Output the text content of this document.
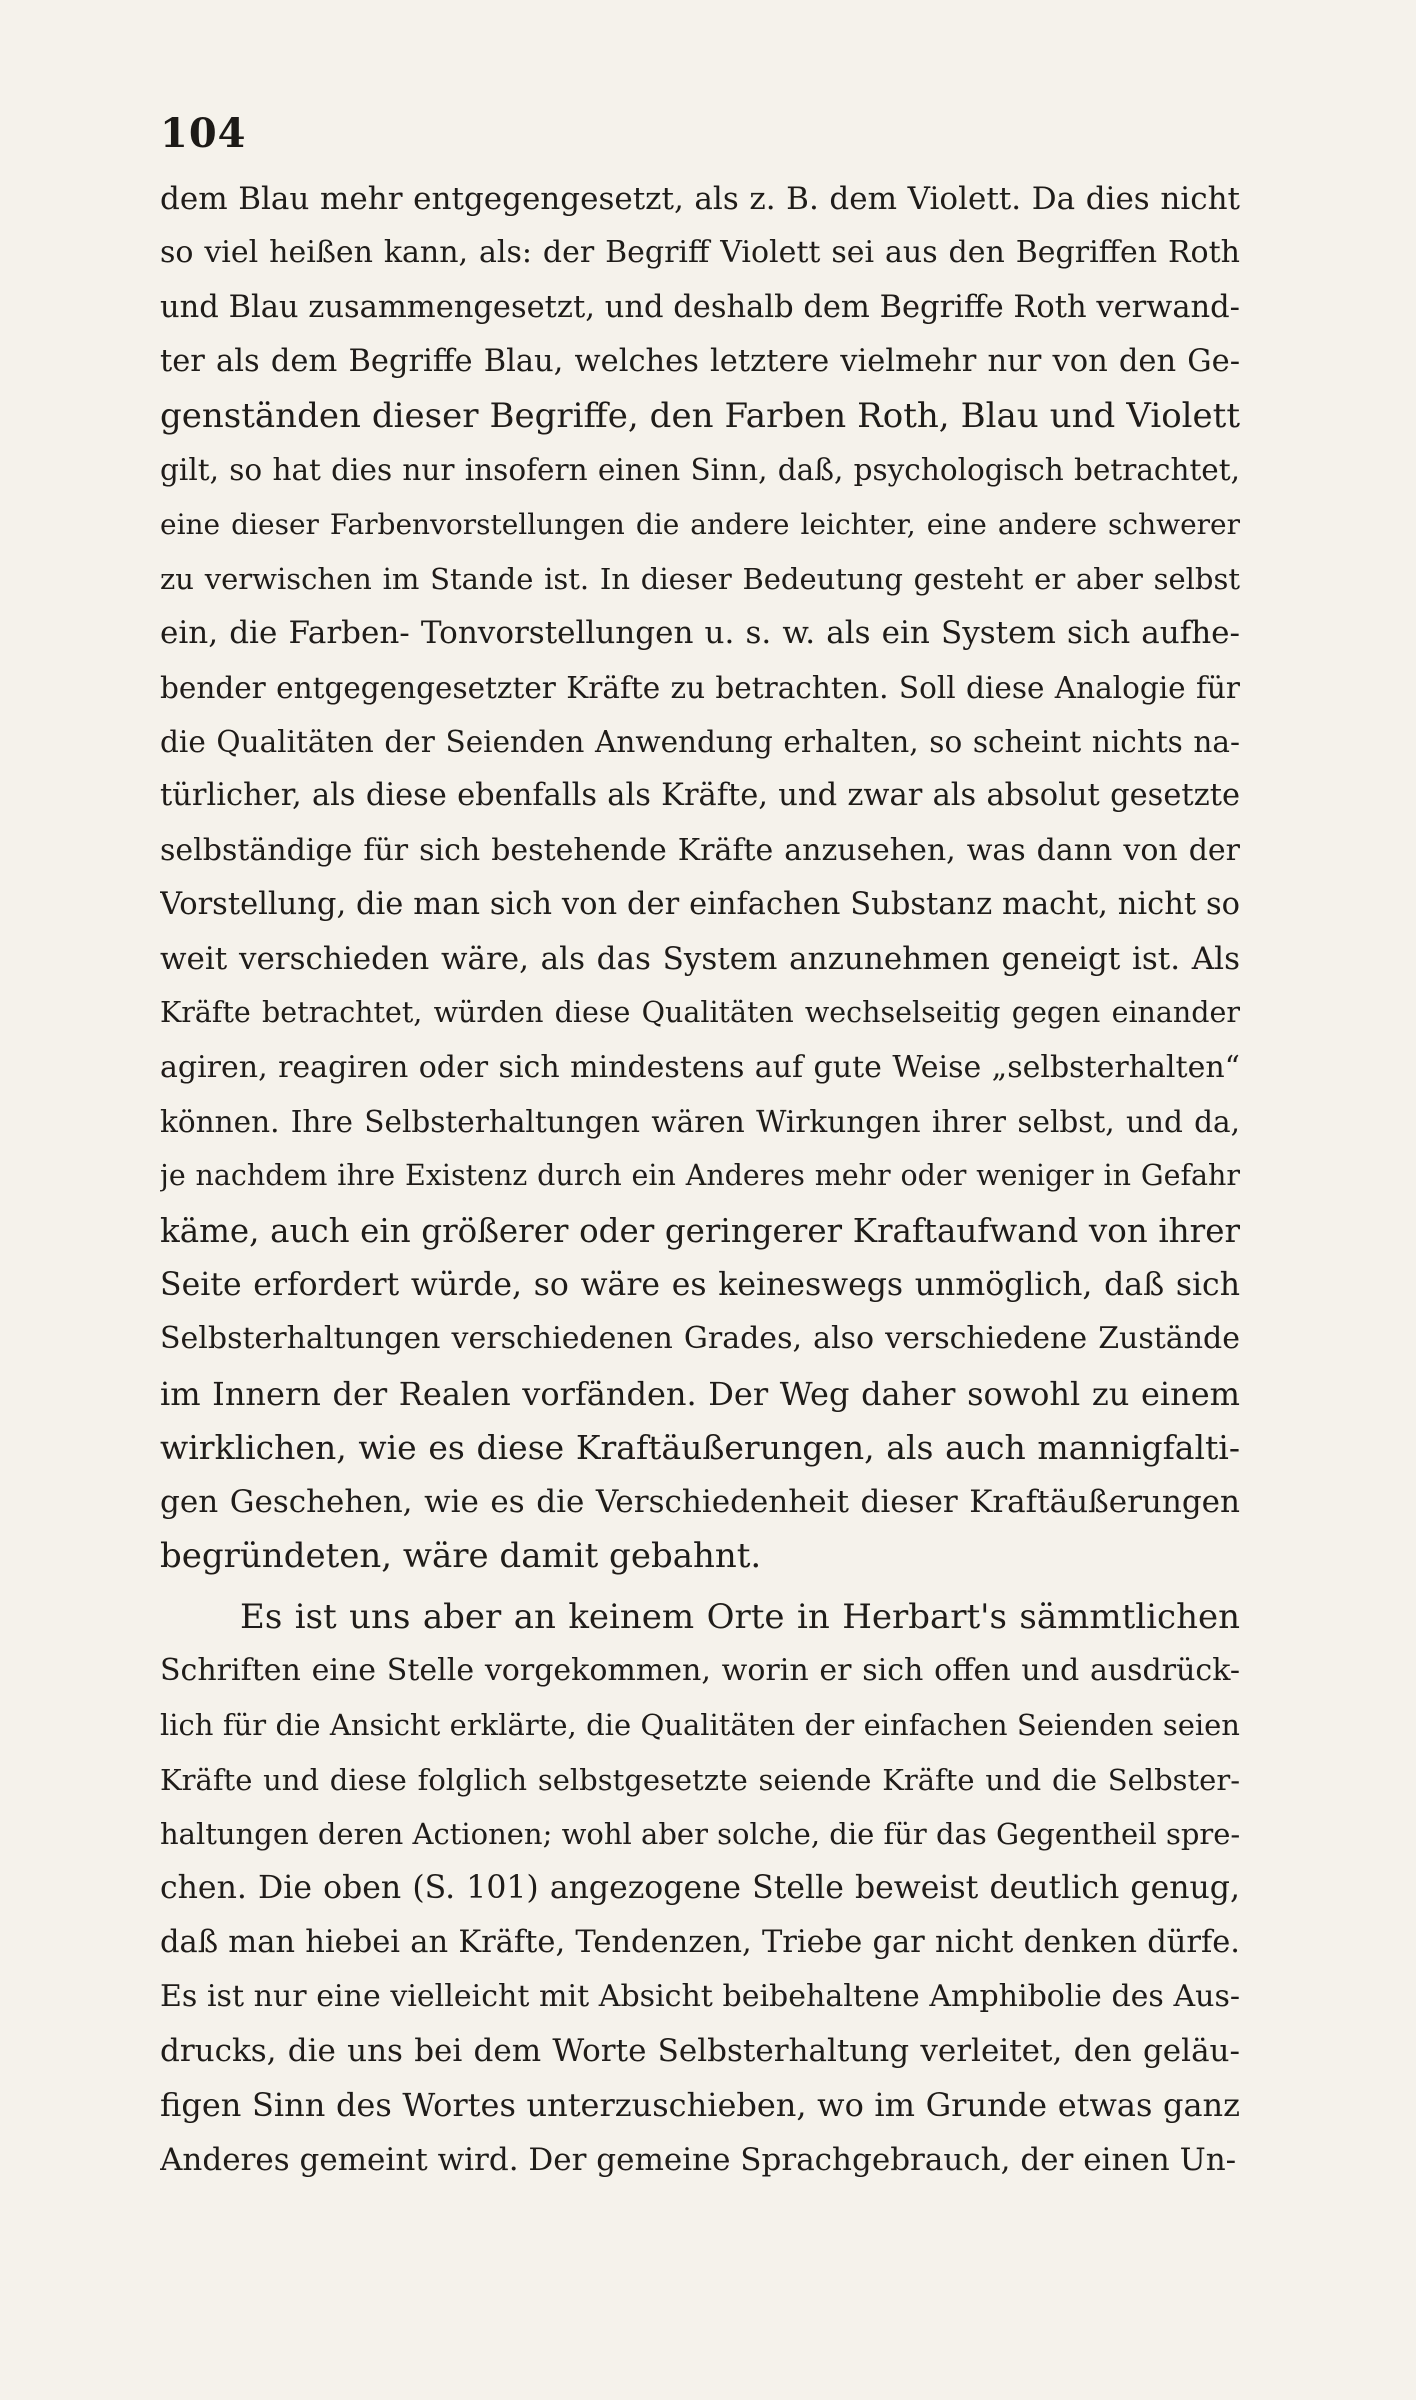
104
dem Blau mehr entgegengesetzt, als z. B. dem Violett. Da dies nicht
so viel heißen kann, als: der Begriff Violett sei aus den Begriffen Roth
und Blau zusammengesetzt, und deshalb dem Begriffe Roth verwand-
ter als dem Begriffe Blau, welches letztere vielmehr nur von den Ge-
genständen dieser Begriffe, den Farben Roth, Blau und Violett
gilt, so hat dies nur insofern einen Sinn, daß, psychologisch betrachtet,
eine dieser Farbenvorstellungen die andere leichter, eine andere schwerer
zu verwischen im Stande ist. In dieser Bedeutung gesteht er aber selbst
ein, die Farben- Tonvorstellungen u. s. w. als ein System sich aufhe-
bender entgegengesetzter Kräfte zu betrachten. Soll diese Analogie für
die Qualitäten der Seienden Anwendung erhalten, so scheint nichts na-
türlicher, als diese ebenfalls als Kräfte, und zwar als absolut gesetzte
selbständige für sich bestehende Kräfte anzusehen, was dann von der
Vorstellung, die man sich von der einfachen Substanz macht, nicht so
weit verschieden wäre, als das System anzunehmen geneigt ist. Als
Kräfte betrachtet, würden diese Qualitäten wechselseitig gegen einander
agiren, reagiren oder sich mindestens auf gute Weise „selbsterhalten“
können. Ihre Selbsterhaltungen wären Wirkungen ihrer selbst, und da,
je nachdem ihre Existenz durch ein Anderes mehr oder weniger in Gefahr
käme, auch ein größerer oder geringerer Kraftaufwand von ihrer
Seite erfordert würde, so wäre es keineswegs unmöglich, daß sich
Selbsterhaltungen verschiedenen Grades, also verschiedene Zustände
im Innern der Realen vorfänden. Der Weg daher sowohl zu einem
wirklichen, wie es diese Kraftäußerungen, als auch mannigfalti-
gen Geschehen, wie es die Verschiedenheit dieser Kraftäußerungen
begründeten, wäre damit gebahnt.
Es ist uns aber an keinem Orte in Herbart's sämmtlichen
Schriften eine Stelle vorgekommen, worin er sich offen und ausdrück-
lich für die Ansicht erklärte, die Qualitäten der einfachen Seienden seien
Kräfte und diese folglich selbstgesetzte seiende Kräfte und die Selbster-
haltungen deren Actionen; wohl aber solche, die für das Gegentheil spre-
chen. Die oben (S. 101) angezogene Stelle beweist deutlich genug,
daß man hiebei an Kräfte, Tendenzen, Triebe gar nicht denken dürfe.
Es ist nur eine vielleicht mit Absicht beibehaltene Amphibolie des Aus-
drucks, die uns bei dem Worte Selbsterhaltung verleitet, den geläu-
figen Sinn des Wortes unterzuschieben, wo im Grunde etwas ganz
Anderes gemeint wird. Der gemeine Sprachgebrauch, der einen Un-
